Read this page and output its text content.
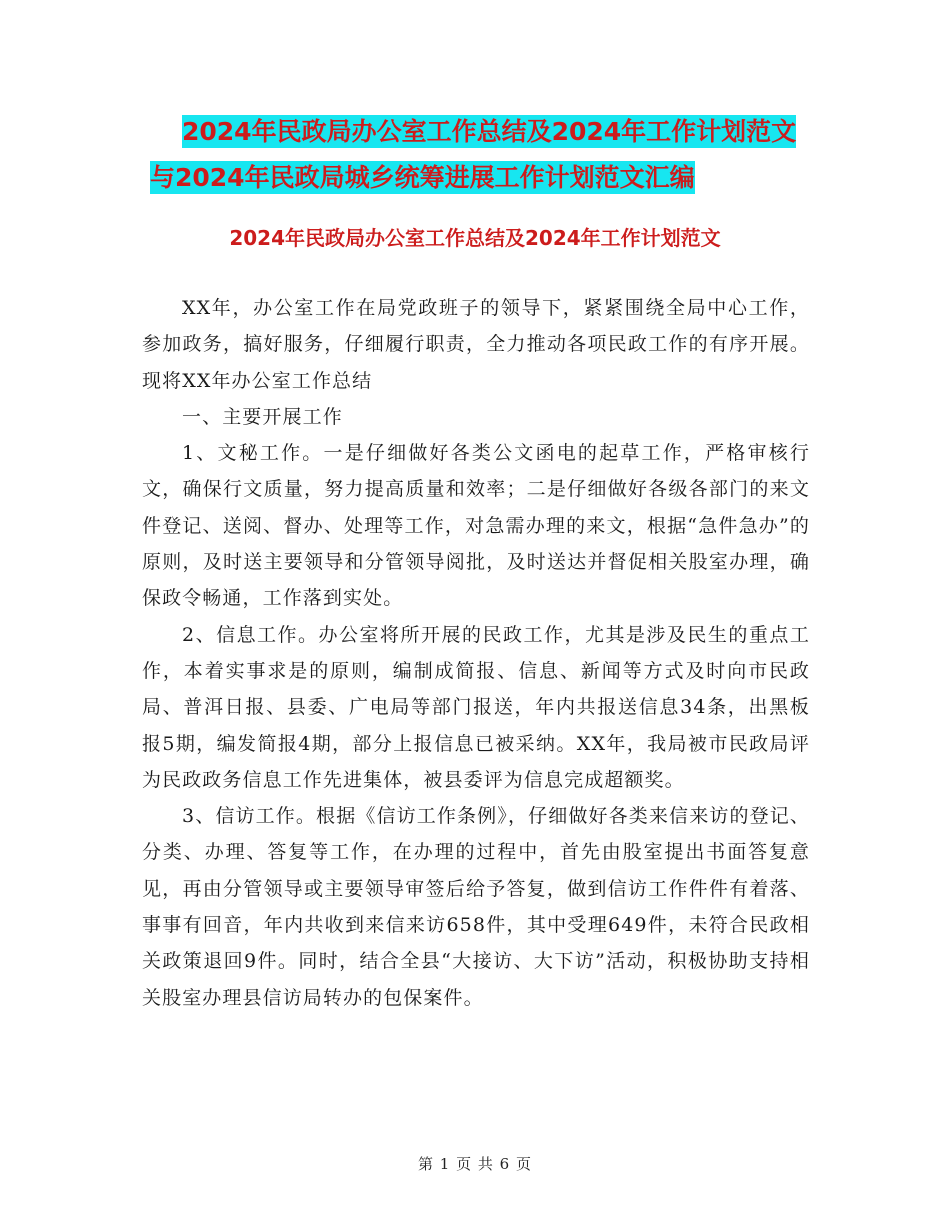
2024年民政局办公室工作总结及2024年工作计划范文
与2024年民政局城乡统筹进展工作计划范文汇编
2024年民政局办公室工作总结及2024年工作计划范文

XX年，办公室工作在局党政班子的领导下，紧紧围绕全局中心工作，参加政务，搞好服务，仔细履行职责，全力推动各项民政工作的有序开展。现将XX年办公室工作总结

一、主要开展工作

1、文秘工作。一是仔细做好各类公文函电的起草工作，严格审核行文，确保行文质量，努力提高质量和效率；二是仔细做好各级各部门的来文件登记、送阅、督办、处理等工作，对急需办理的来文，根据“急件急办”的原则，及时送主要领导和分管领导阅批，及时送达并督促相关股室办理，确保政令畅通，工作落到实处。

2、信息工作。办公室将所开展的民政工作，尤其是涉及民生的重点工作，本着实事求是的原则，编制成简报、信息、新闻等方式及时向市民政局、普洱日报、县委、广电局等部门报送，年内共报送信息34条，出黑板报5期，编发简报4期，部分上报信息已被采纳。XX年，我局被市民政局评为民政政务信息工作先进集体，被县委评为信息完成超额奖。

3、信访工作。根据《信访工作条例》，仔细做好各类来信来访的登记、分类、办理、答复等工作，在办理的过程中，首先由股室提出书面答复意见，再由分管领导或主要领导审签后给予答复，做到信访工作件件有着落、事事有回音，年内共收到来信来访658件，其中受理649件，未符合民政相关政策退回9件。同时，结合全县“大接访、大下访”活动，积极协助支持相关股室办理县信访局转办的包保案件。

第 1 页 共 6 页
